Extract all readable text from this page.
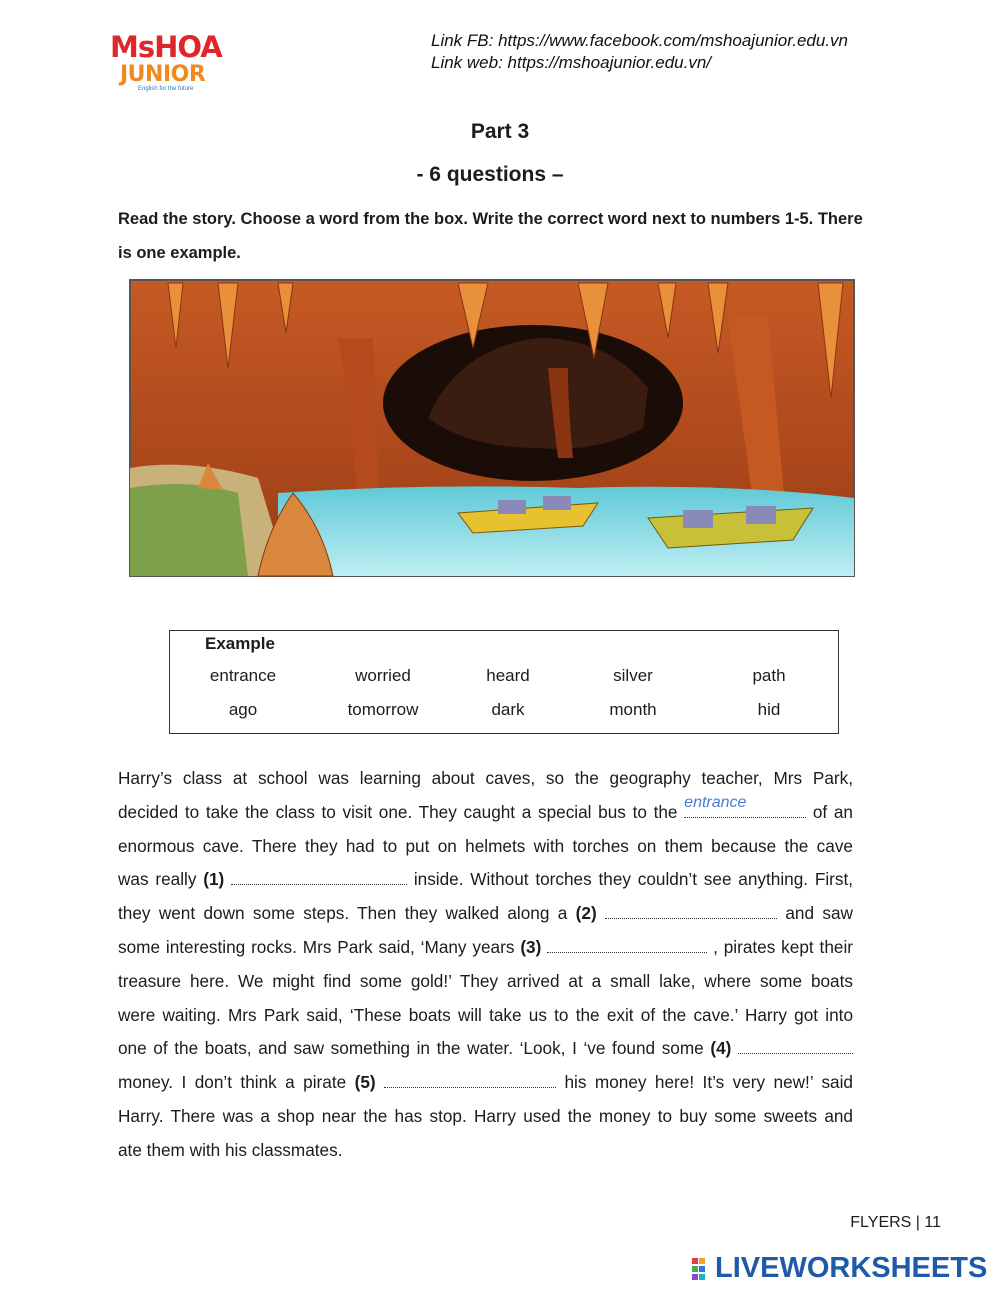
MsHOA
JUNIOR
English for the future
Link FB: https://www.facebook.com/mshoajunior.edu.vn
Link web: https://mshoajunior.edu.vn/
Part 3
- 6 questions –
Read the story. Choose a word from the box. Write the correct word next to numbers 1-5. There is one example.
Example
entrance	worried	heard	silver	path
ago	tomorrow	dark	month	hid
Harry’s class at school was learning about caves, so the geography teacher, Mrs Park,
decided to take the class to visit one. They caught a special bus to the entrance	of an
enormous cave. There they had to put on helmets with torches on them because the cave
was really (1)	inside. Without torches they couldn’t see anything. First,
they went down some steps. Then they walked along a (2)	and saw
some interesting rocks. Mrs Park said, ‘Many years (3)	, pirates kept their
treasure here. We might find some gold!’ They arrived at a small lake, where some boats
were waiting. Mrs Park said, ‘These boats will take us to the exit of the cave.’ Harry got into
one of the boats, and saw something in the water. ‘Look, I ‘ve found some (4)
money. I don’t think a pirate (5)	his money here! It’s very new!’ said
Harry. There was a shop near the has stop. Harry used the money to buy some sweets and
ate them with his classmates.
FLYERS | 11
LIVEWORKSHEETS
